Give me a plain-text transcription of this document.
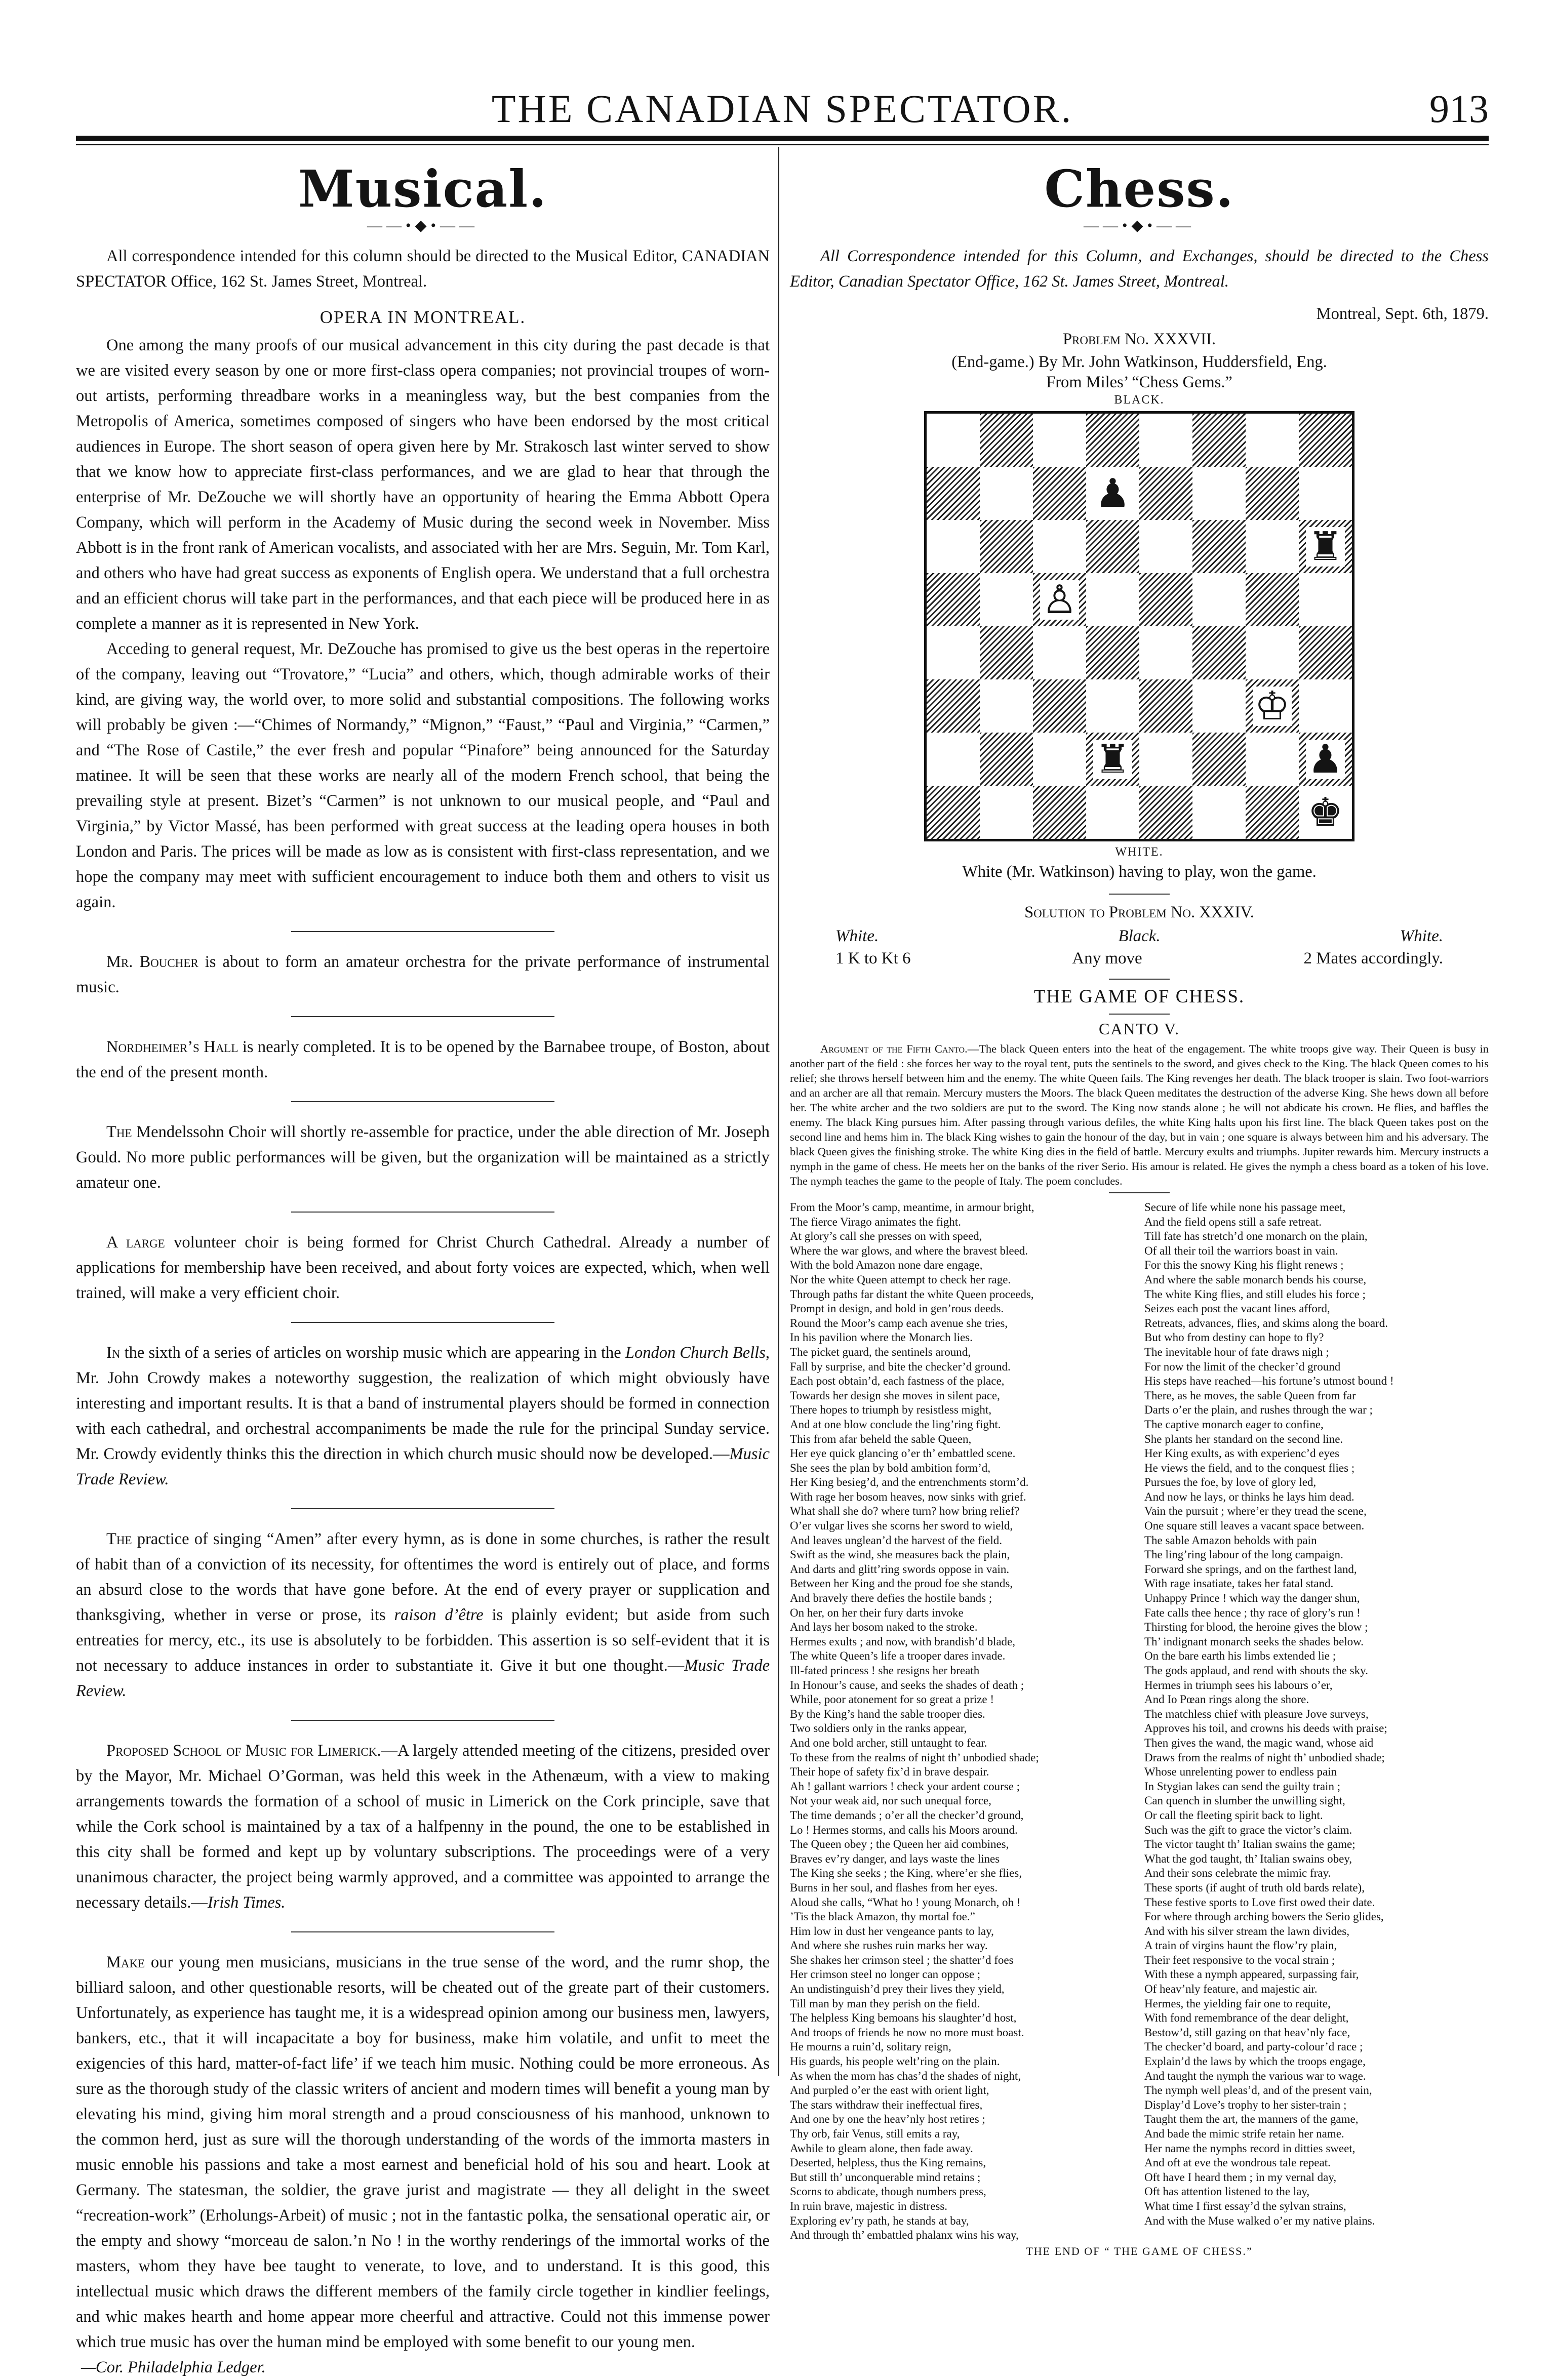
THE CANADIAN SPECTATOR.	913
Musical.
——•◆•——

All correspondence intended for this column should be directed to the Musical Editor, CANADIAN SPECTATOR Office, 162 St. James Street, Montreal.

OPERA IN MONTREAL.

One among the many proofs of our musical advancement in this city during the past decade is that we are visited every season by one or more first-class opera companies; not provincial troupes of worn-out artists, performing threadbare works in a meaningless way, but the best companies from the Metropolis of America, sometimes composed of singers who have been endorsed by the most critical audiences in Europe. The short season of opera given here by Mr. Strakosch last winter served to show that we know how to appreciate first-class performances, and we are glad to hear that through the enterprise of Mr. DeZouche we will shortly have an opportunity of hearing the Emma Abbott Opera Company, which will perform in the Academy of Music during the second week in November. Miss Abbott is in the front rank of American vocalists, and associated with her are Mrs. Seguin, Mr. Tom Karl, and others who have had great success as exponents of English opera. We understand that a full orchestra and an efficient chorus will take part in the performances, and that each piece will be produced here in as complete a manner as it is represented in New York.

Acceding to general request, Mr. DeZouche has promised to give us the best operas in the repertoire of the company, leaving out “Trovatore,” “Lucia” and others, which, though admirable works of their kind, are giving way, the world over, to more solid and substantial compositions. The following works will probably be given :—“Chimes of Normandy,” “Mignon,” “Faust,” “Paul and Virginia,” “Carmen,” and “The Rose of Castile,” the ever fresh and popular “Pinafore” being announced for the Saturday matinee. It will be seen that these works are nearly all of the modern French school, that being the prevailing style at present. Bizet’s “Carmen” is not unknown to our musical people, and “Paul and Virginia,” by Victor Massé, has been performed with great success at the leading opera houses in both London and Paris. The prices will be made as low as is consistent with first-class representation, and we hope the company may meet with sufficient encouragement to induce both them and others to visit us again.

Mr. Boucher is about to form an amateur orchestra for the private performance of instrumental music.

Nordheimer’s Hall is nearly completed. It is to be opened by the Barnabee troupe, of Boston, about the end of the present month.

The Mendelssohn Choir will shortly re-assemble for practice, under the able direction of Mr. Joseph Gould. No more public performances will be given, but the organization will be maintained as a strictly amateur one.

A large volunteer choir is being formed for Christ Church Cathedral. Already a number of applications for membership have been received, and about forty voices are expected, which, when well trained, will make a very efficient choir.

In the sixth of a series of articles on worship music which are appearing in the London Church Bells, Mr. John Crowdy makes a noteworthy suggestion, the realization of which might obviously have interesting and important results. It is that a band of instrumental players should be formed in connection with each cathedral, and orchestral accompaniments be made the rule for the principal Sunday service. Mr. Crowdy evidently thinks this the direction in which church music should now be developed.—Music Trade Review.

The practice of singing “Amen” after every hymn, as is done in some churches, is rather the result of habit than of a conviction of its necessity, for oftentimes the word is entirely out of place, and forms an absurd close to the words that have gone before. At the end of every prayer or supplication and thanksgiving, whether in verse or prose, its raison d’être is plainly evident; but aside from such entreaties for mercy, etc., its use is absolutely to be forbidden. This assertion is so self-evident that it is not necessary to adduce instances in order to substantiate it. Give it but one thought.—Music Trade Review.

Proposed School of Music for Limerick.—A largely attended meeting of the citizens, presided over by the Mayor, Mr. Michael O’Gorman, was held this week in the Athenæum, with a view to making arrangements towards the formation of a school of music in Limerick on the Cork principle, save that while the Cork school is maintained by a tax of a halfpenny in the pound, the one to be established in this city shall be formed and kept up by voluntary subscriptions. The proceedings were of a very unanimous character, the project being warmly approved, and a committee was appointed to arrange the necessary details.—Irish Times.

Make our young men musicians, musicians in the true sense of the word, and the rumr shop, the billiard saloon, and other questionable resorts, will be cheated out of the greate part of their customers. Unfortunately, as experience has taught me, it is a widespread opinion among our business men, lawyers, bankers, etc., that it will incapacitate a boy for business, make him volatile, and unfit to meet the exigencies of this hard, matter-of-fact life’ if we teach him music. Nothing could be more erroneous. As sure as the thorough study of the classic writers of ancient and modern times will benefit a young man by elevating his mind, giving him moral strength and a proud consciousness of his manhood, unknown to the common herd, just as sure will the thorough understanding of the words of the immorta masters in music ennoble his passions and take a most earnest and beneficial hold of his sou and heart. Look at Germany. The statesman, the soldier, the grave jurist and magistrate — they all delight in the sweet “recreation-work” (Erholungs-Arbeit) of music ; not in the fantastic polka, the sensational operatic air, or the empty and showy “morceau de salon.’n No ! in the worthy renderings of the immortal works of the masters, whom they have bee taught to venerate, to love, and to understand. It is this good, this intellectual music which draws the different members of the family circle together in kindlier feelings, and whic makes hearth and home appear more cheerful and attractive. Could not this immense power which true music has over the human mind be employed with some benefit to our young men.

—Cor. Philadelphia Ledger.

Chess.
——•◆•——

All Correspondence intended for this Column, and Exchanges, should be directed to the Chess Editor, Canadian Spectator Office, 162 St. James Street, Montreal.

Montreal, Sept. 6th, 1879.

Problem No. XXXVII.

(End-game.) By Mr. John Watkinson, Huddersfield, Eng.

From Miles’ “Chess Gems.”

BLACK.

♟
♜
♙
♔
♜	♟
♚

WHITE.

White (Mr. Watkinson) having to play, won the game.

Solution to Problem No. XXXIV.

White.	Black.	White.
1 K to Kt 6	Any move	2 Mates accordingly.
THE GAME OF CHESS.
CANTO V.

Argument of the Fifth Canto.—The black Queen enters into the heat of the engagement. The white troops give way. Their Queen is busy in another part of the field : she forces her way to the royal tent, puts the sentinels to the sword, and gives check to the King. The black Queen comes to his relief; she throws herself between him and the enemy. The white Queen fails. The King revenges her death. The black trooper is slain. Two foot-warriors and an archer are all that remain. Mercury musters the Moors. The black Queen meditates the destruction of the adverse King. She hews down all before her. The white archer and the two soldiers are put to the sword. The King now stands alone ; he will not abdicate his crown. He flies, and baffles the enemy. The black King pursues him. After passing through various defiles, the white King halts upon his first line. The black Queen takes post on the second line and hems him in. The black King wishes to gain the honour of the day, but in vain ; one square is always between him and his adversary. The black Queen gives the finishing stroke. The white King dies in the field of battle. Mercury exults and triumphs. Jupiter rewards him. Mercury instructs a nymph in the game of chess. He meets her on the banks of the river Serio. His amour is related. He gives the nymph a chess board as a token of his love. The nymph teaches the game to the people of Italy. The poem concludes.

From the Moor’s camp, meantime, in armour bright,
The fierce Virago animates the fight.
At glory’s call she presses on with speed,
Where the war glows, and where the bravest bleed.
With the bold Amazon none dare engage,
Nor the white Queen attempt to check her rage.
Through paths far distant the white Queen proceeds,
Prompt in design, and bold in gen’rous deeds.
Round the Moor’s camp each avenue she tries,
In his pavilion where the Monarch lies.
The picket guard, the sentinels around,
Fall by surprise, and bite the checker’d ground.
Each post obtain’d, each fastness of the place,
Towards her design she moves in silent pace,
There hopes to triumph by resistless might,
And at one blow conclude the ling’ring fight.
This from afar beheld the sable Queen,
Her eye quick glancing o’er th’ embattled scene.
She sees the plan by bold ambition form’d,
Her King besieg’d, and the entrenchments storm’d.
With rage her bosom heaves, now sinks with grief.
What shall she do? where turn? how bring relief?
O’er vulgar lives she scorns her sword to wield,
And leaves unglean’d the harvest of the field.
Swift as the wind, she measures back the plain,
And darts and glitt’ring swords oppose in vain.
Between her King and the proud foe she stands,
And bravely there defies the hostile bands ;
On her, on her their fury darts invoke
And lays her bosom naked to the stroke.
Hermes exults ; and now, with brandish’d blade,
The white Queen’s life a trooper dares invade.
Ill-fated princess ! she resigns her breath
In Honour’s cause, and seeks the shades of death ;
While, poor atonement for so great a prize !
By the King’s hand the sable trooper dies.
Two soldiers only in the ranks appear,
And one bold archer, still untaught to fear.
To these from the realms of night th’ unbodied shade;
Their hope of safety fix’d in brave despair.
Ah ! gallant warriors ! check your ardent course ;
Not your weak aid, nor such unequal force,
The time demands ; o’er all the checker’d ground,
Lo ! Hermes storms, and calls his Moors around.
The Queen obey ; the Queen her aid combines,
Braves ev’ry danger, and lays waste the lines
The King she seeks ; the King, where’er she flies,
Burns in her soul, and flashes from her eyes.
Aloud she calls, “What ho ! young Monarch, oh !
’Tis the black Amazon, thy mortal foe.”
Him low in dust her vengeance pants to lay,
And where she rushes ruin marks her way.
She shakes her crimson steel ; the shatter’d foes
Her crimson steel no longer can oppose ;
An undistinguish’d prey their lives they yield,
Till man by man they perish on the field.
The helpless King bemoans his slaughter’d host,
And troops of friends he now no more must boast.
He mourns a ruin’d, solitary reign,
His guards, his people welt’ring on the plain.
As when the morn has chas’d the shades of night,
And purpled o’er the east with orient light,
The stars withdraw their ineffectual fires,
And one by one the heav’nly host retires ;
Thy orb, fair Venus, still emits a ray,
Awhile to gleam alone, then fade away.
Deserted, helpless, thus the King remains,
But still th’ unconquerable mind retains ;
Scorns to abdicate, though numbers press,
In ruin brave, majestic in distress.
Exploring ev’ry path, he stands at bay,
And through th’ embattled phalanx wins his way,
Secure of life while none his passage meet,
And the field opens still a safe retreat.
Till fate has stretch’d one monarch on the plain,
Of all their toil the warriors boast in vain.
For this the snowy King his flight renews ;
And where the sable monarch bends his course,
The white King flies, and still eludes his force ;
Seizes each post the vacant lines afford,
Retreats, advances, flies, and skims along the board.
But who from destiny can hope to fly?
The inevitable hour of fate draws nigh ;
For now the limit of the checker’d ground
His steps have reached—his fortune’s utmost bound !
There, as he moves, the sable Queen from far
Darts o’er the plain, and rushes through the war ;
The captive monarch eager to confine,
She plants her standard on the second line.
Her King exults, as with experienc’d eyes
He views the field, and to the conquest flies ;
Pursues the foe, by love of glory led,
And now he lays, or thinks he lays him dead.
Vain the pursuit ; where’er they tread the scene,
One square still leaves a vacant space between.
The sable Amazon beholds with pain
The ling’ring labour of the long campaign.
Forward she springs, and on the farthest land,
With rage insatiate, takes her fatal stand.
Unhappy Prince ! which way the danger shun,
Fate calls thee hence ; thy race of glory’s run !
Thirsting for blood, the heroine gives the blow ;
Th’ indignant monarch seeks the shades below.
On the bare earth his limbs extended lie ;
The gods applaud, and rend with shouts the sky.
Hermes in triumph sees his labours o’er,
And Io Pœan rings along the shore.
The matchless chief with pleasure Jove surveys,
Approves his toil, and crowns his deeds with praise;
Then gives the wand, the magic wand, whose aid
Draws from the realms of night th’ unbodied shade;
Whose unrelenting power to endless pain
In Stygian lakes can send the guilty train ;
Can quench in slumber the unwilling sight,
Or call the fleeting spirit back to light.
Such was the gift to grace the victor’s claim.
The victor taught th’ Italian swains the game;
What the god taught, th’ Italian swains obey,
And their sons celebrate the mimic fray.
These sports (if aught of truth old bards relate),
These festive sports to Love first owed their date.
For where through arching bowers the Serio glides,
And with his silver stream the lawn divides,
A train of virgins haunt the flow’ry plain,
Their feet responsive to the vocal strain ;
With these a nymph appeared, surpassing fair,
Of heav’nly feature, and majestic air.
Hermes, the yielding fair one to requite,
With fond remembrance of the dear delight,
Bestow’d, still gazing on that heav’nly face,
The checker’d board, and party-colour’d race ;
Explain’d the laws by which the troops engage,
And taught the nymph the various war to wage.
The nymph well pleas’d, and of the present vain,
Display’d Love’s trophy to her sister-train ;
Taught them the art, the manners of the game,
And bade the mimic strife retain her name.
Her name the nymphs record in ditties sweet,
And oft at eve the wondrous tale repeat.
Oft have I heard them ; in my vernal day,
Oft has attention listened to the lay,
What time I first essay’d the sylvan strains,
And with the Muse walked o’er my native plains.
THE END OF “ THE GAME OF CHESS.”
